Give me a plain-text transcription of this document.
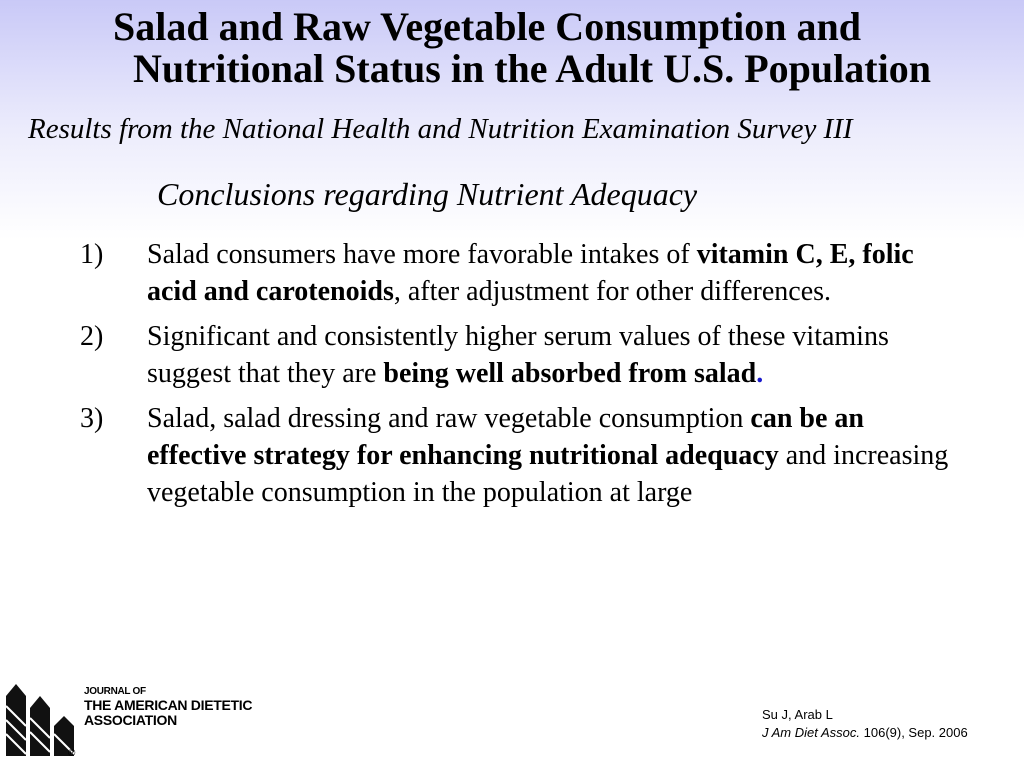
Salad and Raw Vegetable Consumption and
Nutritional Status in the Adult U.S. Population
Results from the National Health and Nutrition Examination Survey III
Conclusions regarding Nutrient Adequacy
1)	Salad consumers have more favorable intakes of vitamin C, E, folic acid and carotenoids, after adjustment for other differences.
2)	Significant and consistently higher serum values of these vitamins suggest that they are being well absorbed from salad.
3)	Salad, salad dressing and raw vegetable consumption can be an effective strategy for enhancing nutritional adequacy and increasing vegetable consumption in the population at large
JOURNAL OF
THE AMERICAN DIETETIC
ASSOCIATION
®
Su J, Arab L
J Am Diet Assoc. 106(9), Sep. 2006
